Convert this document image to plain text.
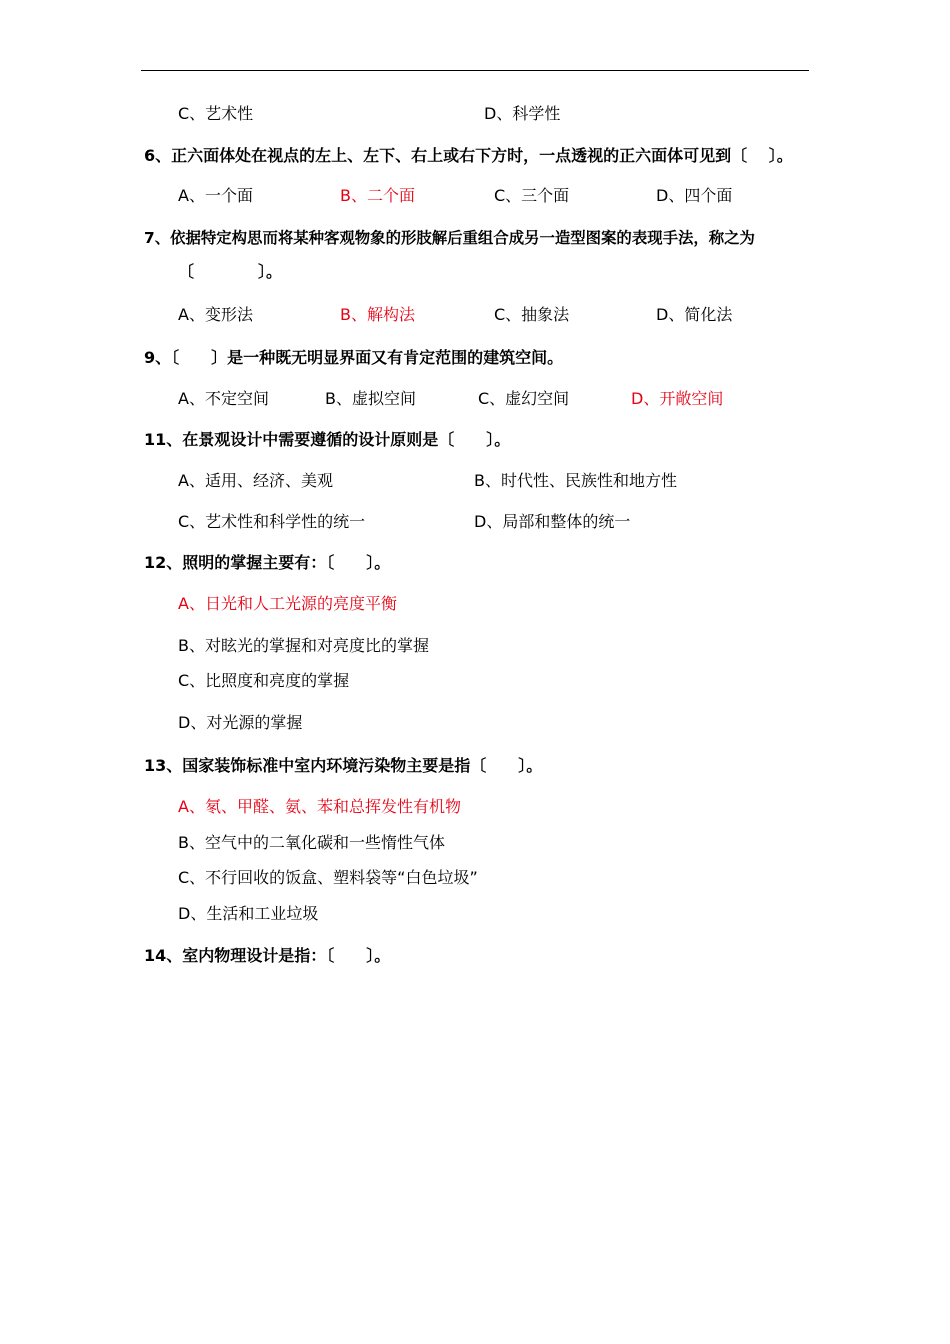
C、艺术性	D、科学性
6、正六面体处在视点的左上、左下、右上或右下方时，一点透视的正六面体可见到〔　 〕。
A、一个面	B、二个面	C、三个面	D、四个面
7、依据特定构思而将某种客观物象的形肢解后重组合成另一造型图案的表现手法，称之为
〔　　　　〕。
A、变形法	B、解构法	C、抽象法	D、简化法
9、〔　　〕是一种既无明显界面又有肯定范围的建筑空间。
A、不定空间	B、虚拟空间	C、虚幻空间	D、开敞空间
11、在景观设计中需要遵循的设计原则是〔　　〕。
A、适用、经济、美观	B、时代性、民族性和地方性
C、艺术性和科学性的统一	D、局部和整体的统一
12、照明的掌握主要有：〔　　〕。
A、日光和人工光源的亮度平衡
B、对眩光的掌握和对亮度比的掌握
C、比照度和亮度的掌握
D、对光源的掌握
13、国家装饰标准中室内环境污染物主要是指〔　　〕。
A、氡、甲醛、氨、苯和总挥发性有机物
B、空气中的二氧化碳和一些惰性气体
C、不行回收的饭盒、塑料袋等“白色垃圾”
D、生活和工业垃圾
14、室内物理设计是指：〔　　〕。
